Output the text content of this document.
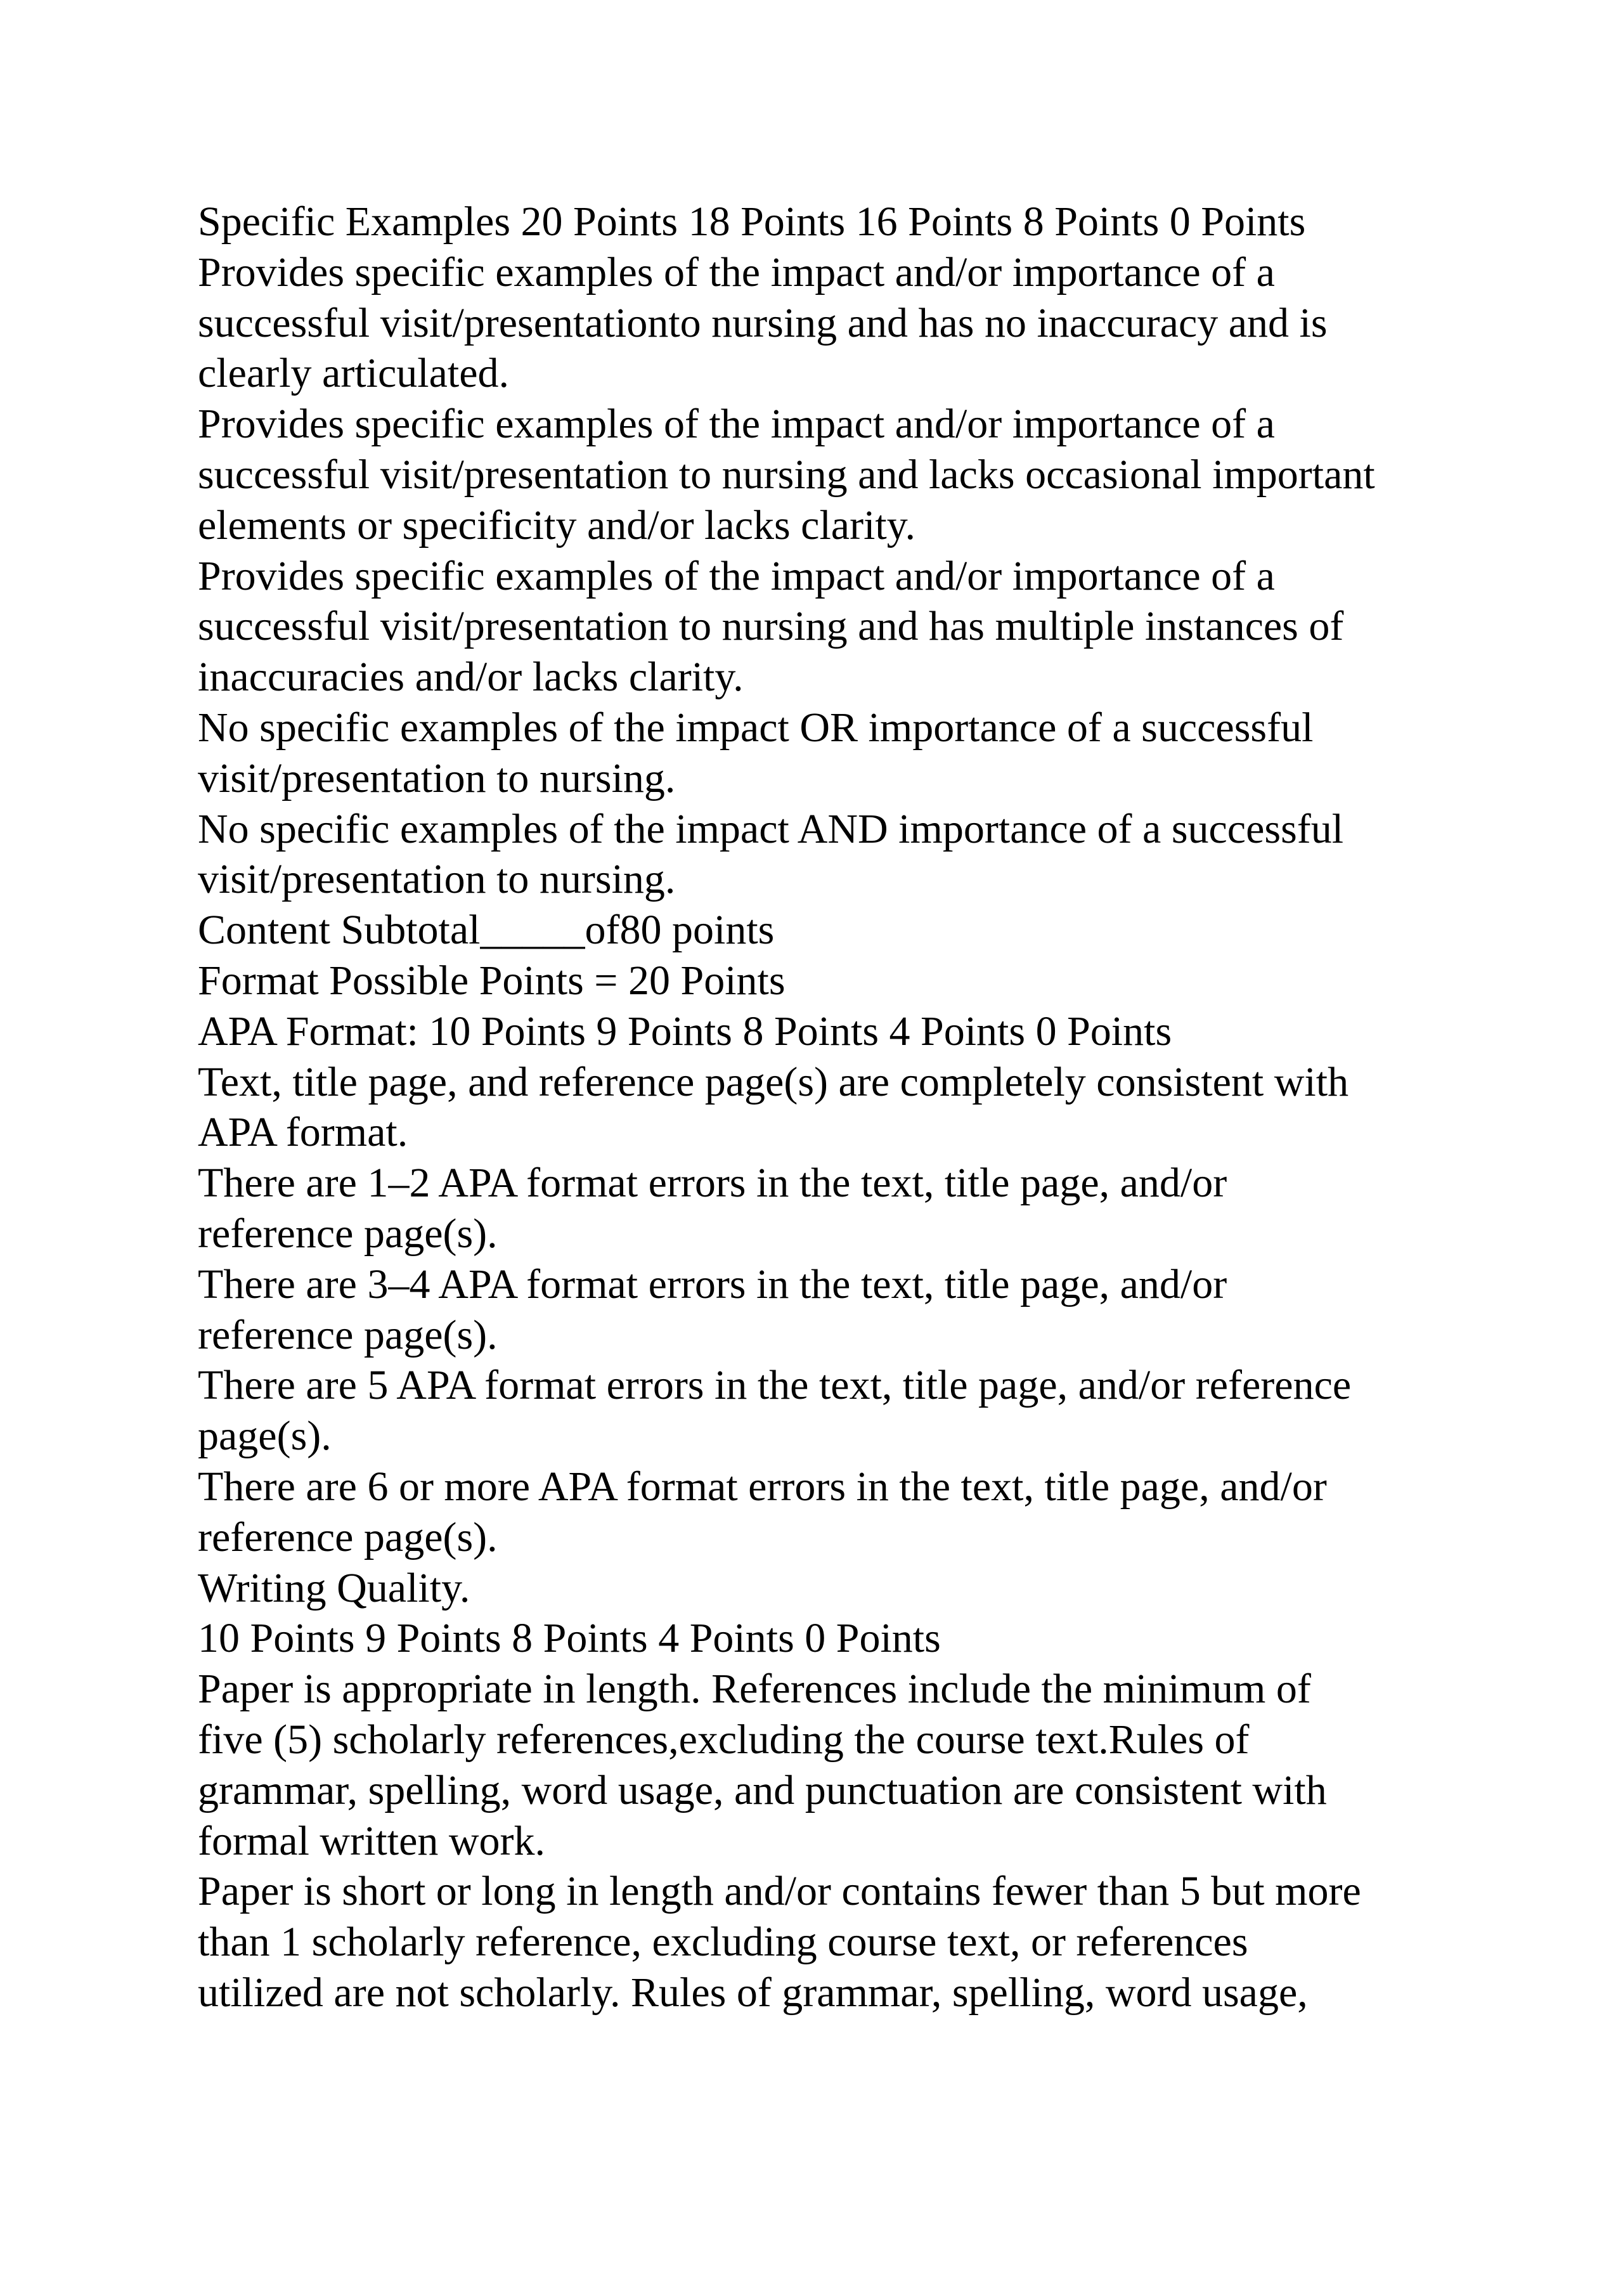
Specific Examples 20 Points 18 Points 16 Points 8 Points 0 Points
Provides specific examples of the impact and/or importance of a
successful visit/presentationto nursing and has no inaccuracy and is
clearly articulated.
Provides specific examples of the impact and/or importance of a
successful visit/presentation to nursing and lacks occasional important
elements or specificity and/or lacks clarity.
Provides specific examples of the impact and/or importance of a
successful visit/presentation to nursing and has multiple instances of
inaccuracies and/or lacks clarity.
No specific examples of the impact OR importance of a successful
visit/presentation to nursing.
No specific examples of the impact AND importance of a successful
visit/presentation to nursing.
Content Subtotal_____of80 points
Format Possible Points = 20 Points
APA Format: 10 Points 9 Points 8 Points 4 Points 0 Points
Text, title page, and reference page(s) are completely consistent with
APA format.
There are 1–2 APA format errors in the text, title page, and/or
reference page(s).
There are 3–4 APA format errors in the text, title page, and/or
reference page(s).
There are 5 APA format errors in the text, title page, and/or reference
page(s).
There are 6 or more APA format errors in the text, title page, and/or
reference page(s).
Writing Quality.
10 Points 9 Points 8 Points 4 Points 0 Points
Paper is appropriate in length. References include the minimum of
five (5) scholarly references,excluding the course text.Rules of
grammar, spelling, word usage, and punctuation are consistent with
formal written work.
Paper is short or long in length and/or contains fewer than 5 but more
than 1 scholarly reference, excluding course text, or references
utilized are not scholarly. Rules of grammar, spelling, word usage,
